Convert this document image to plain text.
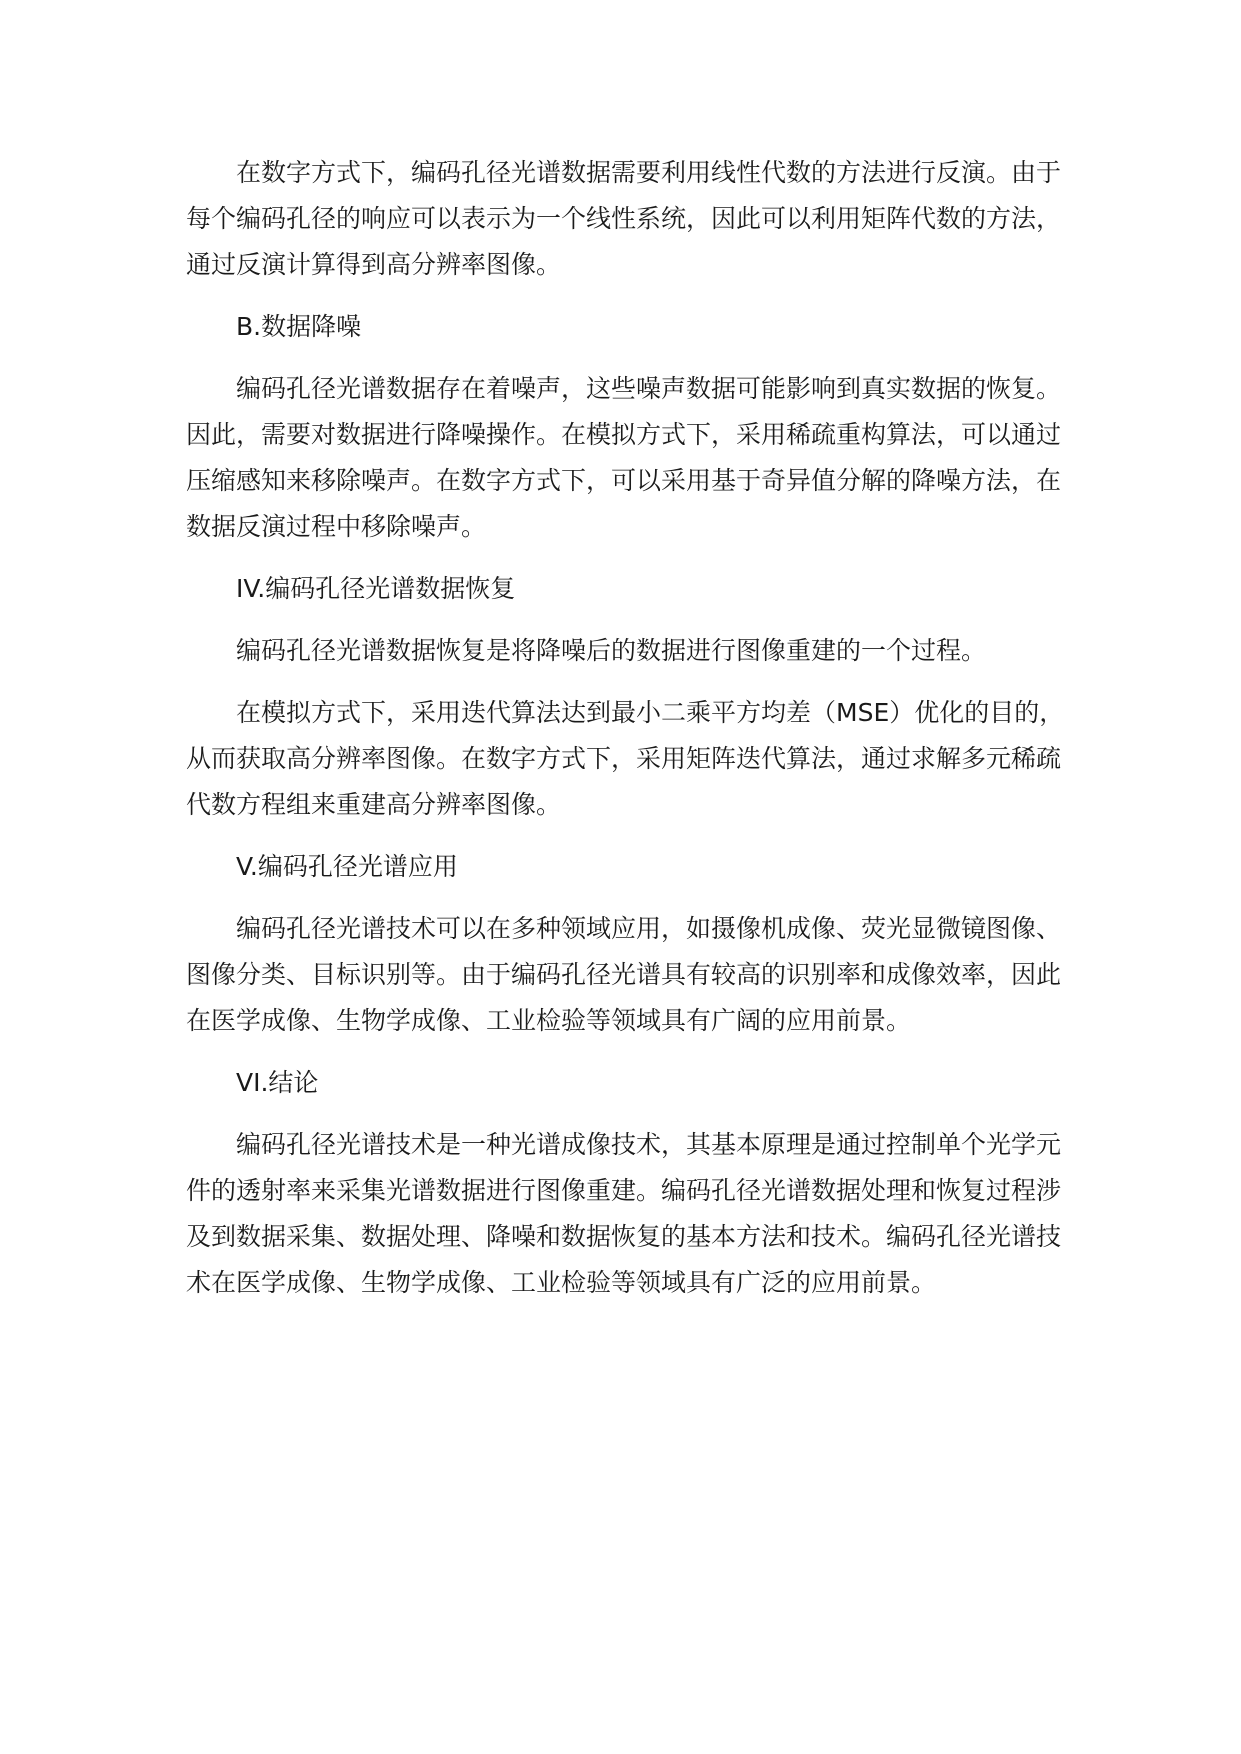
在数字方式下，编码孔径光谱数据需要利用线性代数的方法进行反演。由于每个编码孔径的响应可以表示为一个线性系统，因此可以利用矩阵代数的方法，通过反演计算得到高分辨率图像。

B.数据降噪

编码孔径光谱数据存在着噪声，这些噪声数据可能影响到真实数据的恢复。因此，需要对数据进行降噪操作。在模拟方式下，采用稀疏重构算法，可以通过压缩感知来移除噪声。在数字方式下，可以采用基于奇异值分解的降噪方法，在数据反演过程中移除噪声。

IV.编码孔径光谱数据恢复

编码孔径光谱数据恢复是将降噪后的数据进行图像重建的一个过程。

在模拟方式下，采用迭代算法达到最小二乘平方均差（MSE）优化的目的，从而获取高分辨率图像。在数字方式下，采用矩阵迭代算法，通过求解多元稀疏代数方程组来重建高分辨率图像。

V.编码孔径光谱应用

编码孔径光谱技术可以在多种领域应用，如摄像机成像、荧光显微镜图像、图像分类、目标识别等。由于编码孔径光谱具有较高的识别率和成像效率，因此在医学成像、生物学成像、工业检验等领域具有广阔的应用前景。

VI.结论

编码孔径光谱技术是一种光谱成像技术，其基本原理是通过控制单个光学元件的透射率来采集光谱数据进行图像重建。编码孔径光谱数据处理和恢复过程涉及到数据采集、数据处理、降噪和数据恢复的基本方法和技术。编码孔径光谱技术在医学成像、生物学成像、工业检验等领域具有广泛的应用前景。
